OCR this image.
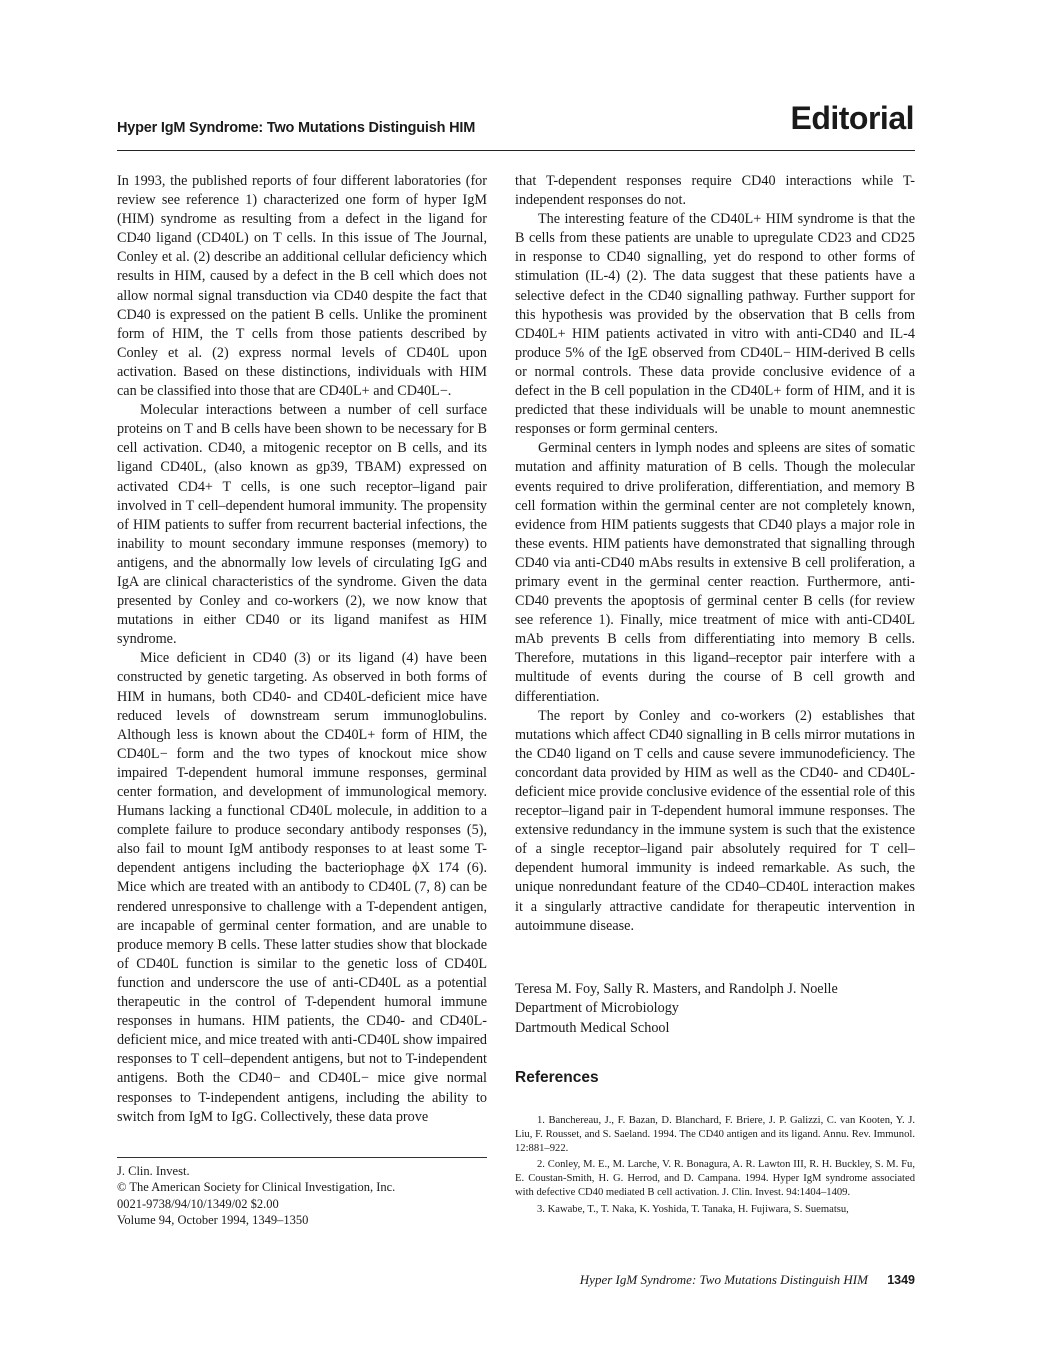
Hyper IgM Syndrome: Two Mutations Distinguish HIM	Editorial

In 1993, the published reports of four different laboratories (for review see reference 1) characterized one form of hyper IgM (HIM) syndrome as resulting from a defect in the ligand for CD40 ligand (CD40L) on T cells. In this issue of The Journal, Conley et al. (2) describe an additional cellular deficiency which results in HIM, caused by a defect in the B cell which does not allow normal signal transduction via CD40 despite the fact that CD40 is expressed on the patient B cells. Unlike the prominent form of HIM, the T cells from those patients described by Conley et al. (2) express normal levels of CD40L upon activation. Based on these distinctions, individuals with HIM can be classified into those that are CD40L+ and CD40L−.

Molecular interactions between a number of cell surface proteins on T and B cells have been shown to be necessary for B cell activation. CD40, a mitogenic receptor on B cells, and its ligand CD40L, (also known as gp39, TBAM) expressed on activated CD4+ T cells, is one such receptor–ligand pair involved in T cell–dependent humoral immunity. The propensity of HIM patients to suffer from recurrent bacterial infections, the inability to mount secondary immune responses (memory) to antigens, and the abnormally low levels of circulating IgG and IgA are clinical characteristics of the syndrome. Given the data presented by Conley and co-workers (2), we now know that mutations in either CD40 or its ligand manifest as HIM syndrome.

Mice deficient in CD40 (3) or its ligand (4) have been constructed by genetic targeting. As observed in both forms of HIM in humans, both CD40- and CD40L-deficient mice have reduced levels of downstream serum immunoglobulins. Although less is known about the CD40L+ form of HIM, the CD40L− form and the two types of knockout mice show impaired T-dependent humoral immune responses, germinal center formation, and development of immunological memory. Humans lacking a functional CD40L molecule, in addition to a complete failure to produce secondary antibody responses (5), also fail to mount IgM antibody responses to at least some T-dependent antigens including the bacteriophage ϕX 174 (6). Mice which are treated with an antibody to CD40L (7, 8) can be rendered unresponsive to challenge with a T-dependent antigen, are incapable of germinal center formation, and are unable to produce memory B cells. These latter studies show that blockade of CD40L function is similar to the genetic loss of CD40L function and underscore the use of anti-CD40L as a potential therapeutic in the control of T-dependent humoral immune responses in humans. HIM patients, the CD40- and CD40L-deficient mice, and mice treated with anti-CD40L show impaired responses to T cell–dependent antigens, but not to T-independent antigens. Both the CD40− and CD40L− mice give normal responses to T-independent antigens, including the ability to switch from IgM to IgG. Collectively, these data prove

that T-dependent responses require CD40 interactions while T-independent responses do not.

The interesting feature of the CD40L+ HIM syndrome is that the B cells from these patients are unable to upregulate CD23 and CD25 in response to CD40 signalling, yet do respond to other forms of stimulation (IL-4) (2). The data suggest that these patients have a selective defect in the CD40 signalling pathway. Further support for this hypothesis was provided by the observation that B cells from CD40L+ HIM patients activated in vitro with anti-CD40 and IL-4 produce 5% of the IgE observed from CD40L− HIM-derived B cells or normal controls. These data provide conclusive evidence of a defect in the B cell population in the CD40L+ form of HIM, and it is predicted that these individuals will be unable to mount anemnestic responses or form germinal centers.

Germinal centers in lymph nodes and spleens are sites of somatic mutation and affinity maturation of B cells. Though the molecular events required to drive proliferation, differentiation, and memory B cell formation within the germinal center are not completely known, evidence from HIM patients suggests that CD40 plays a major role in these events. HIM patients have demonstrated that signalling through CD40 via anti-CD40 mAbs results in extensive B cell proliferation, a primary event in the germinal center reaction. Furthermore, anti-CD40 prevents the apoptosis of germinal center B cells (for review see reference 1). Finally, mice treatment of mice with anti-CD40L mAb prevents B cells from differentiating into memory B cells. Therefore, mutations in this ligand–receptor pair interfere with a multitude of events during the course of B cell growth and differentiation.

The report by Conley and co-workers (2) establishes that mutations which affect CD40 signalling in B cells mirror mutations in the CD40 ligand on T cells and cause severe immunodeficiency. The concordant data provided by HIM as well as the CD40- and CD40L-deficient mice provide conclusive evidence of the essential role of this receptor–ligand pair in T-dependent humoral immune responses. The extensive redundancy in the immune system is such that the existence of a single receptor–ligand pair absolutely required for T cell–dependent humoral immunity is indeed remarkable. As such, the unique nonredundant feature of the CD40–CD40L interaction makes it a singularly attractive candidate for therapeutic intervention in autoimmune disease.

Teresa M. Foy, Sally R. Masters, and Randolph J. Noelle
Department of Microbiology
Dartmouth Medical School
References
1. Banchereau, J., F. Bazan, D. Blanchard, F. Briere, J. P. Galizzi, C. van Kooten, Y. J. Liu, F. Rousset, and S. Saeland. 1994. The CD40 antigen and its ligand. Annu. Rev. Immunol. 12:881–922.
2. Conley, M. E., M. Larche, V. R. Bonagura, A. R. Lawton III, R. H. Buckley, S. M. Fu, E. Coustan-Smith, H. G. Herrod, and D. Campana. 1994. Hyper IgM syndrome associated with defective CD40 mediated B cell activation. J. Clin. Invest. 94:1404–1409.
3. Kawabe, T., T. Naka, K. Yoshida, T. Tanaka, H. Fujiwara, S. Suematsu,
J. Clin. Invest.
© The American Society for Clinical Investigation, Inc.
0021-9738/94/10/1349/02 $2.00
Volume 94, October 1994, 1349–1350
Hyper IgM Syndrome: Two Mutations Distinguish HIM 1349
